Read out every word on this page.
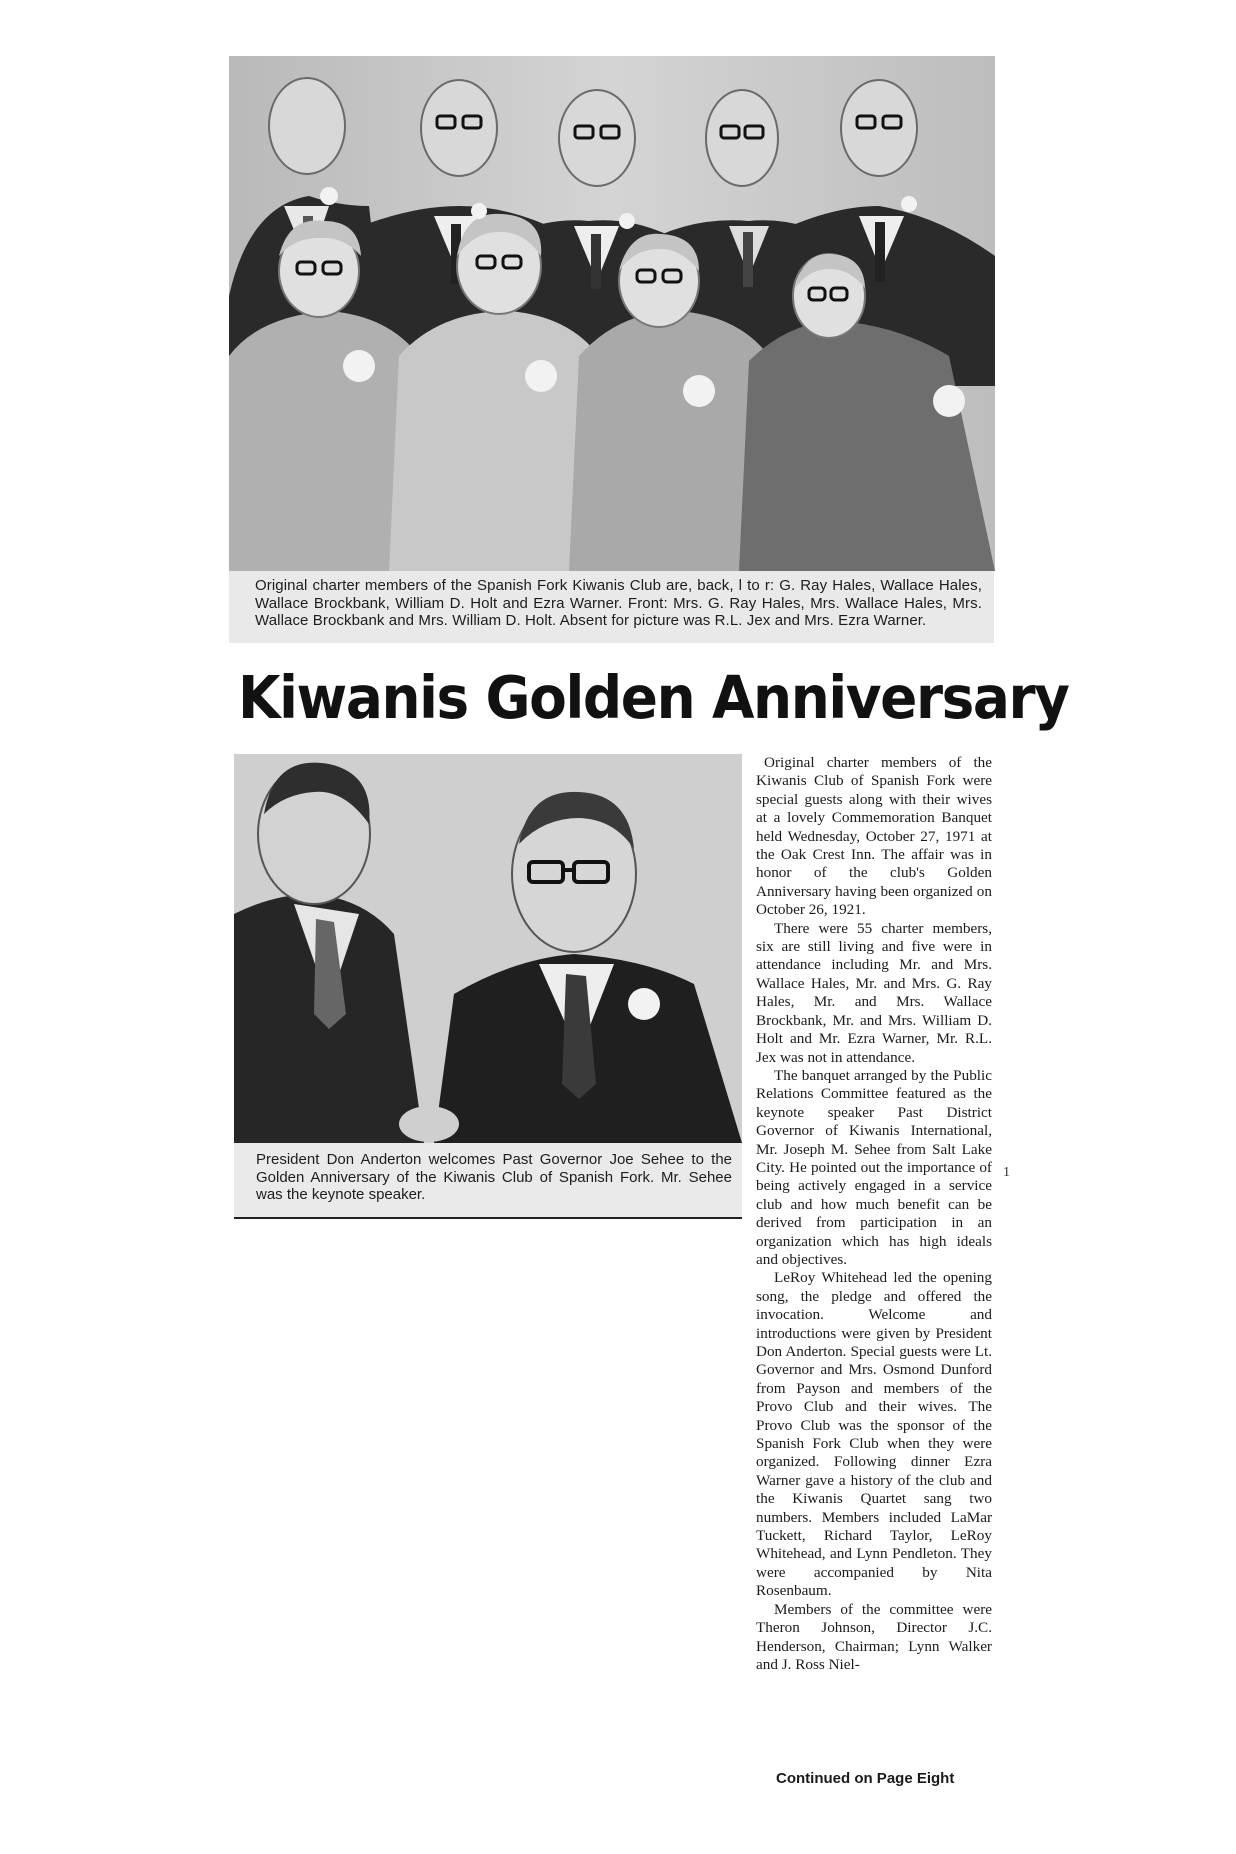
Original charter members of the Spanish Fork Kiwanis Club are, back, l to r: G. Ray Hales, Wallace Hales, Wallace Brockbank, William D. Holt and Ezra Warner. Front: Mrs. G. Ray Hales, Mrs. Wallace Hales, Mrs. Wallace Brockbank and Mrs. William D. Holt. Absent for picture was R.L. Jex and Mrs. Ezra Warner.

Kiwanis Golden Anniversary

President Don Anderton welcomes Past Governor Joe Sehee to the Golden Anniversary of the Kiwanis Club of Spanish Fork. Mr. Sehee was the keynote speaker.

Original charter members of the Kiwanis Club of Spanish Fork were special guests along with their wives at a lovely Commemoration Banquet held Wednesday, October 27, 1971 at the Oak Crest Inn. The affair was in honor of the club's Golden Anniversary having been organized on October 26, 1921.

There were 55 charter members, six are still living and five were in attendance including Mr. and Mrs. Wallace Hales, Mr. and Mrs. G. Ray Hales, Mr. and Mrs. Wallace Brockbank, Mr. and Mrs. William D. Holt and Mr. Ezra Warner, Mr. R.L. Jex was not in attendance.

The banquet arranged by the Public Relations Committee featured as the keynote speaker Past District Governor of Kiwanis International, Mr. Joseph M. Sehee from Salt Lake City. He pointed out the importance of being actively engaged in a service club and how much benefit can be derived from participation in an organization which has high ideals and objectives.

LeRoy Whitehead led the opening song, the pledge and offered the invocation. Welcome and introductions were given by President Don Anderton. Special guests were Lt. Governor and Mrs. Osmond Dunford from Payson and members of the Provo Club and their wives. The Provo Club was the sponsor of the Spanish Fork Club when they were organized. Following dinner Ezra Warner gave a history of the club and the Kiwanis Quartet sang two numbers. Members included LaMar Tuckett, Richard Taylor, LeRoy Whitehead, and Lynn Pendleton. They were accompanied by Nita Rosenbaum.

Members of the committee were Theron Johnson, Director J.C. Henderson, Chairman; Lynn Walker and J. Ross Niel-

1
Continued on Page Eight
